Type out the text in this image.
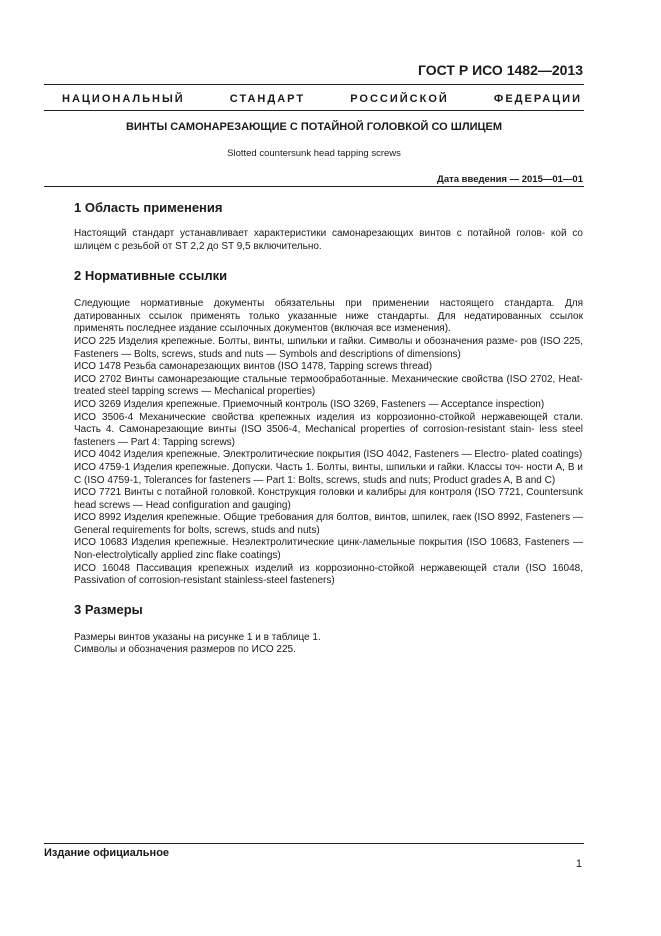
ГОСТ Р ИСО 1482—2013

НАЦИОНАЛЬНЫЙ СТАНДАРТ РОССИЙСКОЙ ФЕДЕРАЦИИ

ВИНТЫ САМОНАРЕЗАЮЩИЕ С ПОТАЙНОЙ ГОЛОВКОЙ СО ШЛИЦЕМ

Slotted countersunk head tapping screws

Дата введения — 2015—01—01

1 Область применения

Настоящий стандарт устанавливает характеристики самонарезающих винтов с потайной голов- кой со шлицем с резьбой от ST 2,2 до ST 9,5 включительно.

2 Нормативные ссылки

Следующие нормативные документы обязательны при применении настоящего стандарта. Для датированных ссылок применять только указанные ниже стандарты. Для недатированных ссылок применять последнее издание ссылочных документов (включая все изменения).

ИСО 225 Изделия крепежные. Болты, винты, шпильки и гайки. Символы и обозначения разме- ров (ISO 225, Fasteners — Bolts, screws, studs and nuts — Symbols and descriptions of dimensions)

ИСО 1478 Резьба самонарезающих винтов (ISO 1478, Tapping screws thread)

ИСО 2702 Винты самонарезающие стальные термообработанные. Механические свойства (ISO 2702, Heat-treated steel tapping screws — Mechanical properties)

ИСО 3269 Изделия крепежные. Приемочный контроль (ISO 3269, Fasteners — Acceptance inspection)

ИСО 3506-4 Механические свойства крепежных изделия из коррозионно-стойкой нержавеющей стали. Часть 4. Самонарезающие винты (ISO 3506-4, Mechanical properties of corrosion-resistant stain- less steel fasteners — Part 4: Tapping screws)

ИСО 4042 Изделия крепежные. Электролитические покрытия (ISO 4042, Fasteners — Electro- plated coatings)

ИСО 4759-1 Изделия крепежные. Допуски. Часть 1. Болты, винты, шпильки и гайки. Классы точ- ности А, В и С (ISO 4759-1, Tolerances for fasteners — Part 1: Bolts, screws, studs and nuts; Product grades A, B and C)

ИСО 7721 Винты с потайной головкой. Конструкция головки и калибры для контроля (ISO 7721, Countersunk head screws — Head configuration and gauging)

ИСО 8992 Изделия крепежные. Общие требования для болтов, винтов, шпилек, гаек (ISO 8992, Fasteners — General requirements for bolts, screws, studs and nuts)

ИСО 10683 Изделия крепежные. Неэлектролитические цинк-ламельные покрытия (ISO 10683, Fasteners — Non-electrolytically applied zinc flake coatings)

ИСО 16048 Пассивация крепежных изделий из коррозионно-стойкой нержавеющей стали (ISO 16048, Passivation of corrosion-resistant stainless-steel fasteners)

3 Размеры

Размеры винтов указаны на рисунке 1 и в таблице 1.

Символы и обозначения размеров по ИСО 225.

Издание официальное

1
